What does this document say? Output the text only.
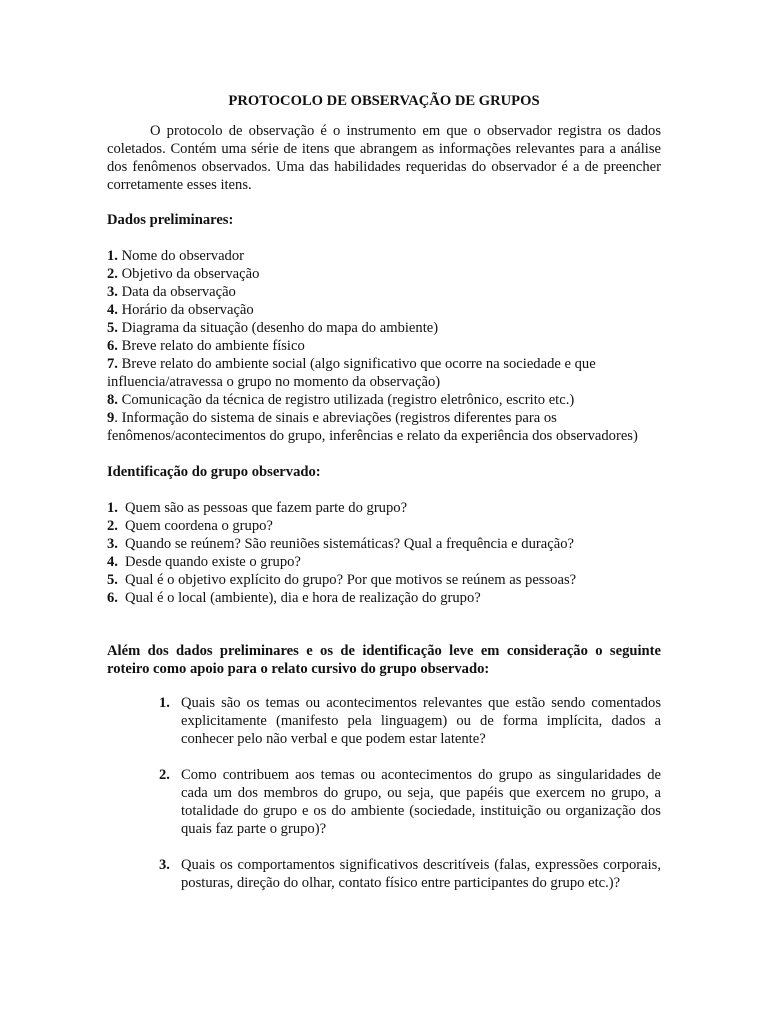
PROTOCOLO DE OBSERVAÇÃO DE GRUPOS

O protocolo de observação é o instrumento em que o observador registra os dados coletados. Contém uma série de itens que abrangem as informações relevantes para a análise dos fenômenos observados. Uma das habilidades requeridas do observador é a de preencher corretamente esses itens.

Dados preliminares:

1. Nome do observador

2. Objetivo da observação

3. Data da observação

4. Horário da observação

5. Diagrama da situação (desenho do mapa do ambiente)

6. Breve relato do ambiente físico

7. Breve relato do ambiente social (algo significativo que ocorre na sociedade e que influencia/atravessa o grupo no momento da observação)

8. Comunicação da técnica de registro utilizada (registro eletrônico, escrito etc.)

9. Informação do sistema de sinais e abreviações (registros diferentes para os fenômenos/acontecimentos do grupo, inferências e relato da experiência dos observadores)

Identificação do grupo observado:

1. Quem são as pessoas que fazem parte do grupo?

2. Quem coordena o grupo?

3. Quando se reúnem? São reuniões sistemáticas? Qual a frequência e duração?

4. Desde quando existe o grupo?

5. Qual é o objetivo explícito do grupo? Por que motivos se reúnem as pessoas?

6. Qual é o local (ambiente), dia e hora de realização do grupo?

Além dos dados preliminares e os de identificação leve em consideração o seguinte roteiro como apoio para o relato cursivo do grupo observado:

1. Quais são os temas ou acontecimentos relevantes que estão sendo comentados explicitamente (manifesto pela linguagem) ou de forma implícita, dados a conhecer pelo não verbal e que podem estar latente?
2. Como contribuem aos temas ou acontecimentos do grupo as singularidades de cada um dos membros do grupo, ou seja, que papéis que exercem no grupo, a totalidade do grupo e os do ambiente (sociedade, instituição ou organização dos quais faz parte o grupo)?
3. Quais os comportamentos significativos descritíveis (falas, expressões corporais, posturas, direção do olhar, contato físico entre participantes do grupo etc.)?
